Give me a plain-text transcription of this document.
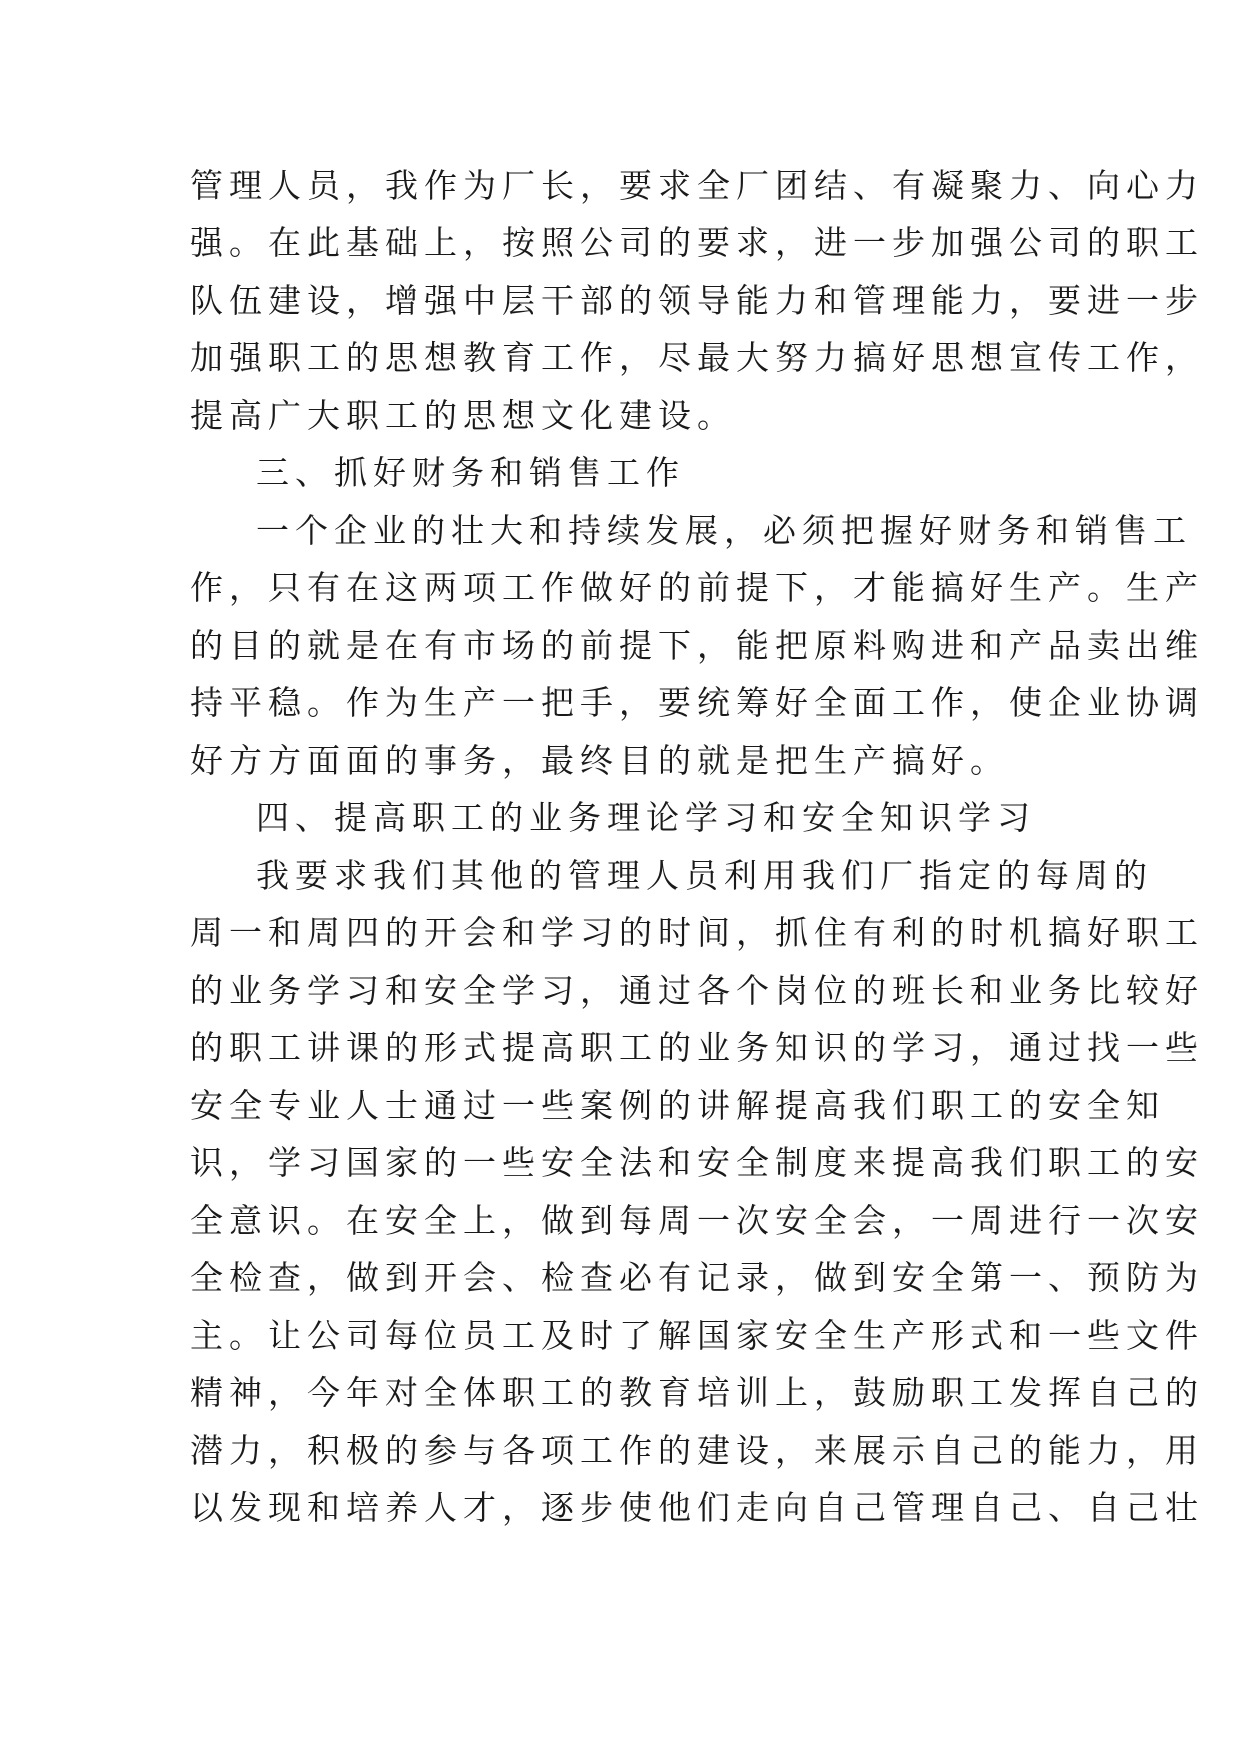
管理人员，我作为厂长，要求全厂团结、有凝聚力、向心力

强。在此基础上，按照公司的要求，进一步加强公司的职工

队伍建设，增强中层干部的领导能力和管理能力，要进一步

加强职工的思想教育工作，尽最大努力搞好思想宣传工作，

提高广大职工的思想文化建设。

三、抓好财务和销售工作

一个企业的壮大和持续发展，必须把握好财务和销售工

作，只有在这两项工作做好的前提下，才能搞好生产。生产

的目的就是在有市场的前提下，能把原料购进和产品卖出维

持平稳。作为生产一把手，要统筹好全面工作，使企业协调

好方方面面的事务，最终目的就是把生产搞好。

四、提高职工的业务理论学习和安全知识学习

我要求我们其他的管理人员利用我们厂指定的每周的

周一和周四的开会和学习的时间，抓住有利的时机搞好职工

的业务学习和安全学习，通过各个岗位的班长和业务比较好

的职工讲课的形式提高职工的业务知识的学习，通过找一些

安全专业人士通过一些案例的讲解提高我们职工的安全知

识，学习国家的一些安全法和安全制度来提高我们职工的安

全意识。在安全上，做到每周一次安全会，一周进行一次安

全检查，做到开会、检查必有记录，做到安全第一、预防为

主。让公司每位员工及时了解国家安全生产形式和一些文件

精神，今年对全体职工的教育培训上，鼓励职工发挥自己的

潜力，积极的参与各项工作的建设，来展示自己的能力，用

以发现和培养人才，逐步使他们走向自己管理自己、自己壮
